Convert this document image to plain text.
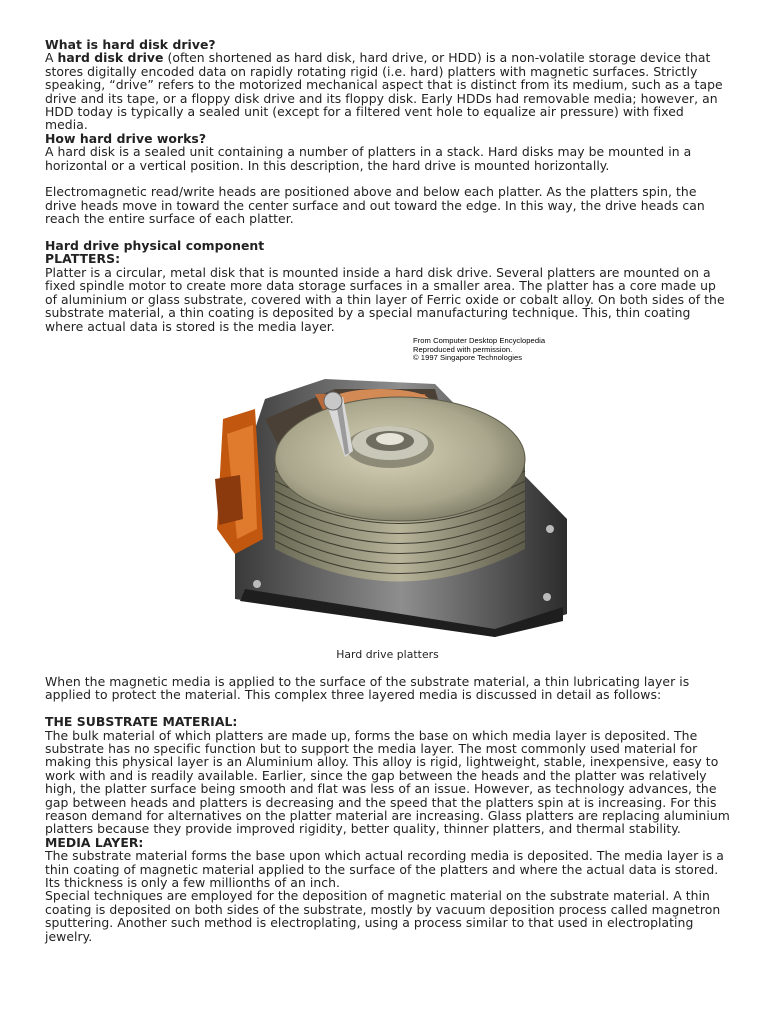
What is hard disk drive?

A hard disk drive (often shortened as hard disk, hard drive, or HDD) is a non-volatile storage device that stores digitally encoded data on rapidly rotating rigid (i.e. hard) platters with magnetic surfaces. Strictly speaking, “drive” refers to the motorized mechanical aspect that is distinct from its medium, such as a tape drive and its tape, or a floppy disk drive and its floppy disk. Early HDDs had removable media; however, an HDD today is typically a sealed unit (except for a filtered vent hole to equalize air pressure) with fixed media.

How hard drive works?

A hard disk is a sealed unit containing a number of platters in a stack. Hard disks may be mounted in a horizontal or a vertical position. In this description, the hard drive is mounted horizontally.

Electromagnetic read/write heads are positioned above and below each platter. As the platters spin, the drive heads move in toward the center surface and out toward the edge. In this way, the drive heads can reach the entire surface of each platter.

Hard drive physical component

PLATTERS:

Platter is a circular, metal disk that is mounted inside a hard disk drive. Several platters are mounted on a fixed spindle motor to create more data storage surfaces in a smaller area. The platter has a core made up of aluminium or glass substrate, covered with a thin layer of Ferric oxide or cobalt alloy. On both sides of the substrate material, a thin coating is deposited by a special manufacturing technique. This, thin coating where actual data is stored is the media layer.

From Computer Desktop Encyclopedia
Reproduced with permission.
© 1997 Singapore Technologies

Hard drive platters

When the magnetic media is applied to the surface of the substrate material, a thin lubricating layer is applied to protect the material. This complex three layered media is discussed in detail as follows:

THE SUBSTRATE MATERIAL:

The bulk material of which platters are made up, forms the base on which media layer is deposited. The substrate has no specific function but to support the media layer. The most commonly used material for making this physical layer is an Aluminium alloy. This alloy is rigid, lightweight, stable, inexpensive, easy to work with and is readily available. Earlier, since the gap between the heads and the platter was relatively high, the platter surface being smooth and flat was less of an issue. However, as technology advances, the gap between heads and platters is decreasing and the speed that the platters spin at is increasing. For this reason demand for alternatives on the platter material are increasing. Glass platters are replacing aluminium platters because they provide improved rigidity, better quality, thinner platters, and thermal stability.

MEDIA LAYER:

The substrate material forms the base upon which actual recording media is deposited. The media layer is a thin coating of magnetic material applied to the surface of the platters and where the actual data is stored. Its thickness is only a few millionths of an inch.

Special techniques are employed for the deposition of magnetic material on the substrate material. A thin coating is deposited on both sides of the substrate, mostly by vacuum deposition process called magnetron sputtering. Another such method is electroplating, using a process similar to that used in electroplating jewelry.
